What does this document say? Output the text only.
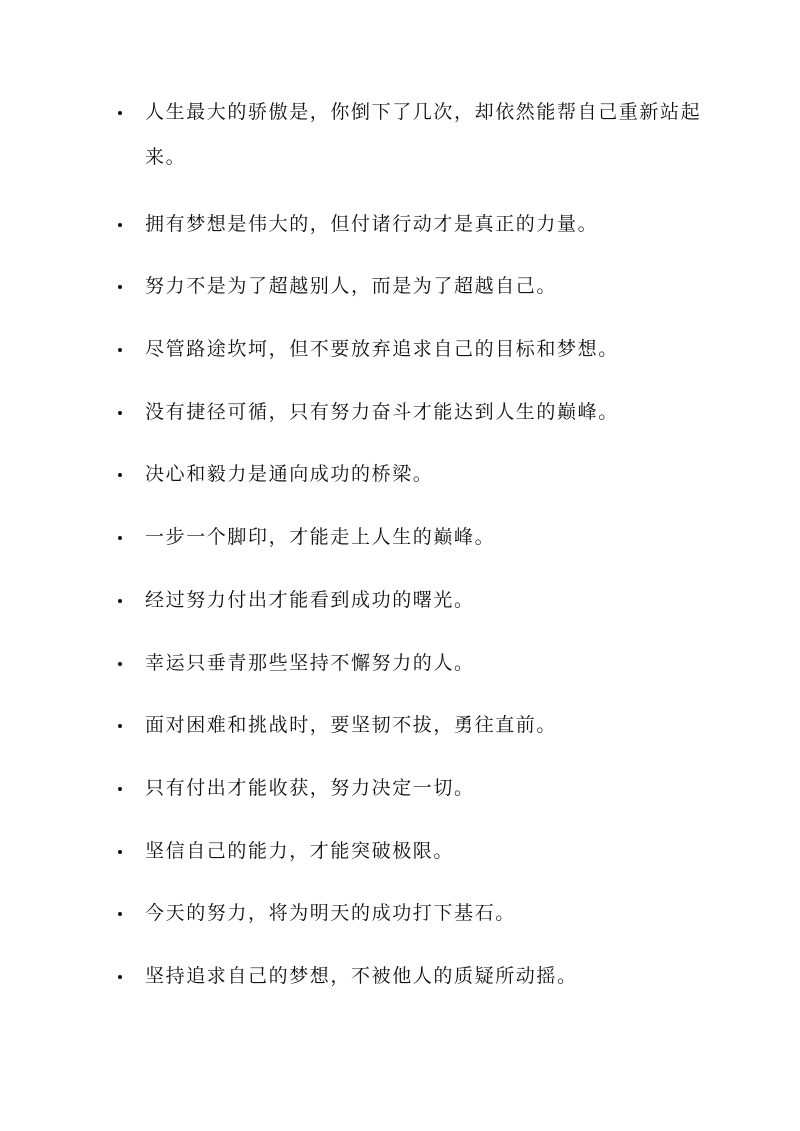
人生最大的骄傲是，你倒下了几次，却依然能帮自己重新站起来。
拥有梦想是伟大的，但付诸行动才是真正的力量。
努力不是为了超越别人，而是为了超越自己。
尽管路途坎坷，但不要放弃追求自己的目标和梦想。
没有捷径可循，只有努力奋斗才能达到人生的巅峰。
决心和毅力是通向成功的桥梁。
一步一个脚印，才能走上人生的巅峰。
经过努力付出才能看到成功的曙光。
幸运只垂青那些坚持不懈努力的人。
面对困难和挑战时，要坚韧不拔，勇往直前。
只有付出才能收获，努力决定一切。
坚信自己的能力，才能突破极限。
今天的努力，将为明天的成功打下基石。
坚持追求自己的梦想，不被他人的质疑所动摇。
